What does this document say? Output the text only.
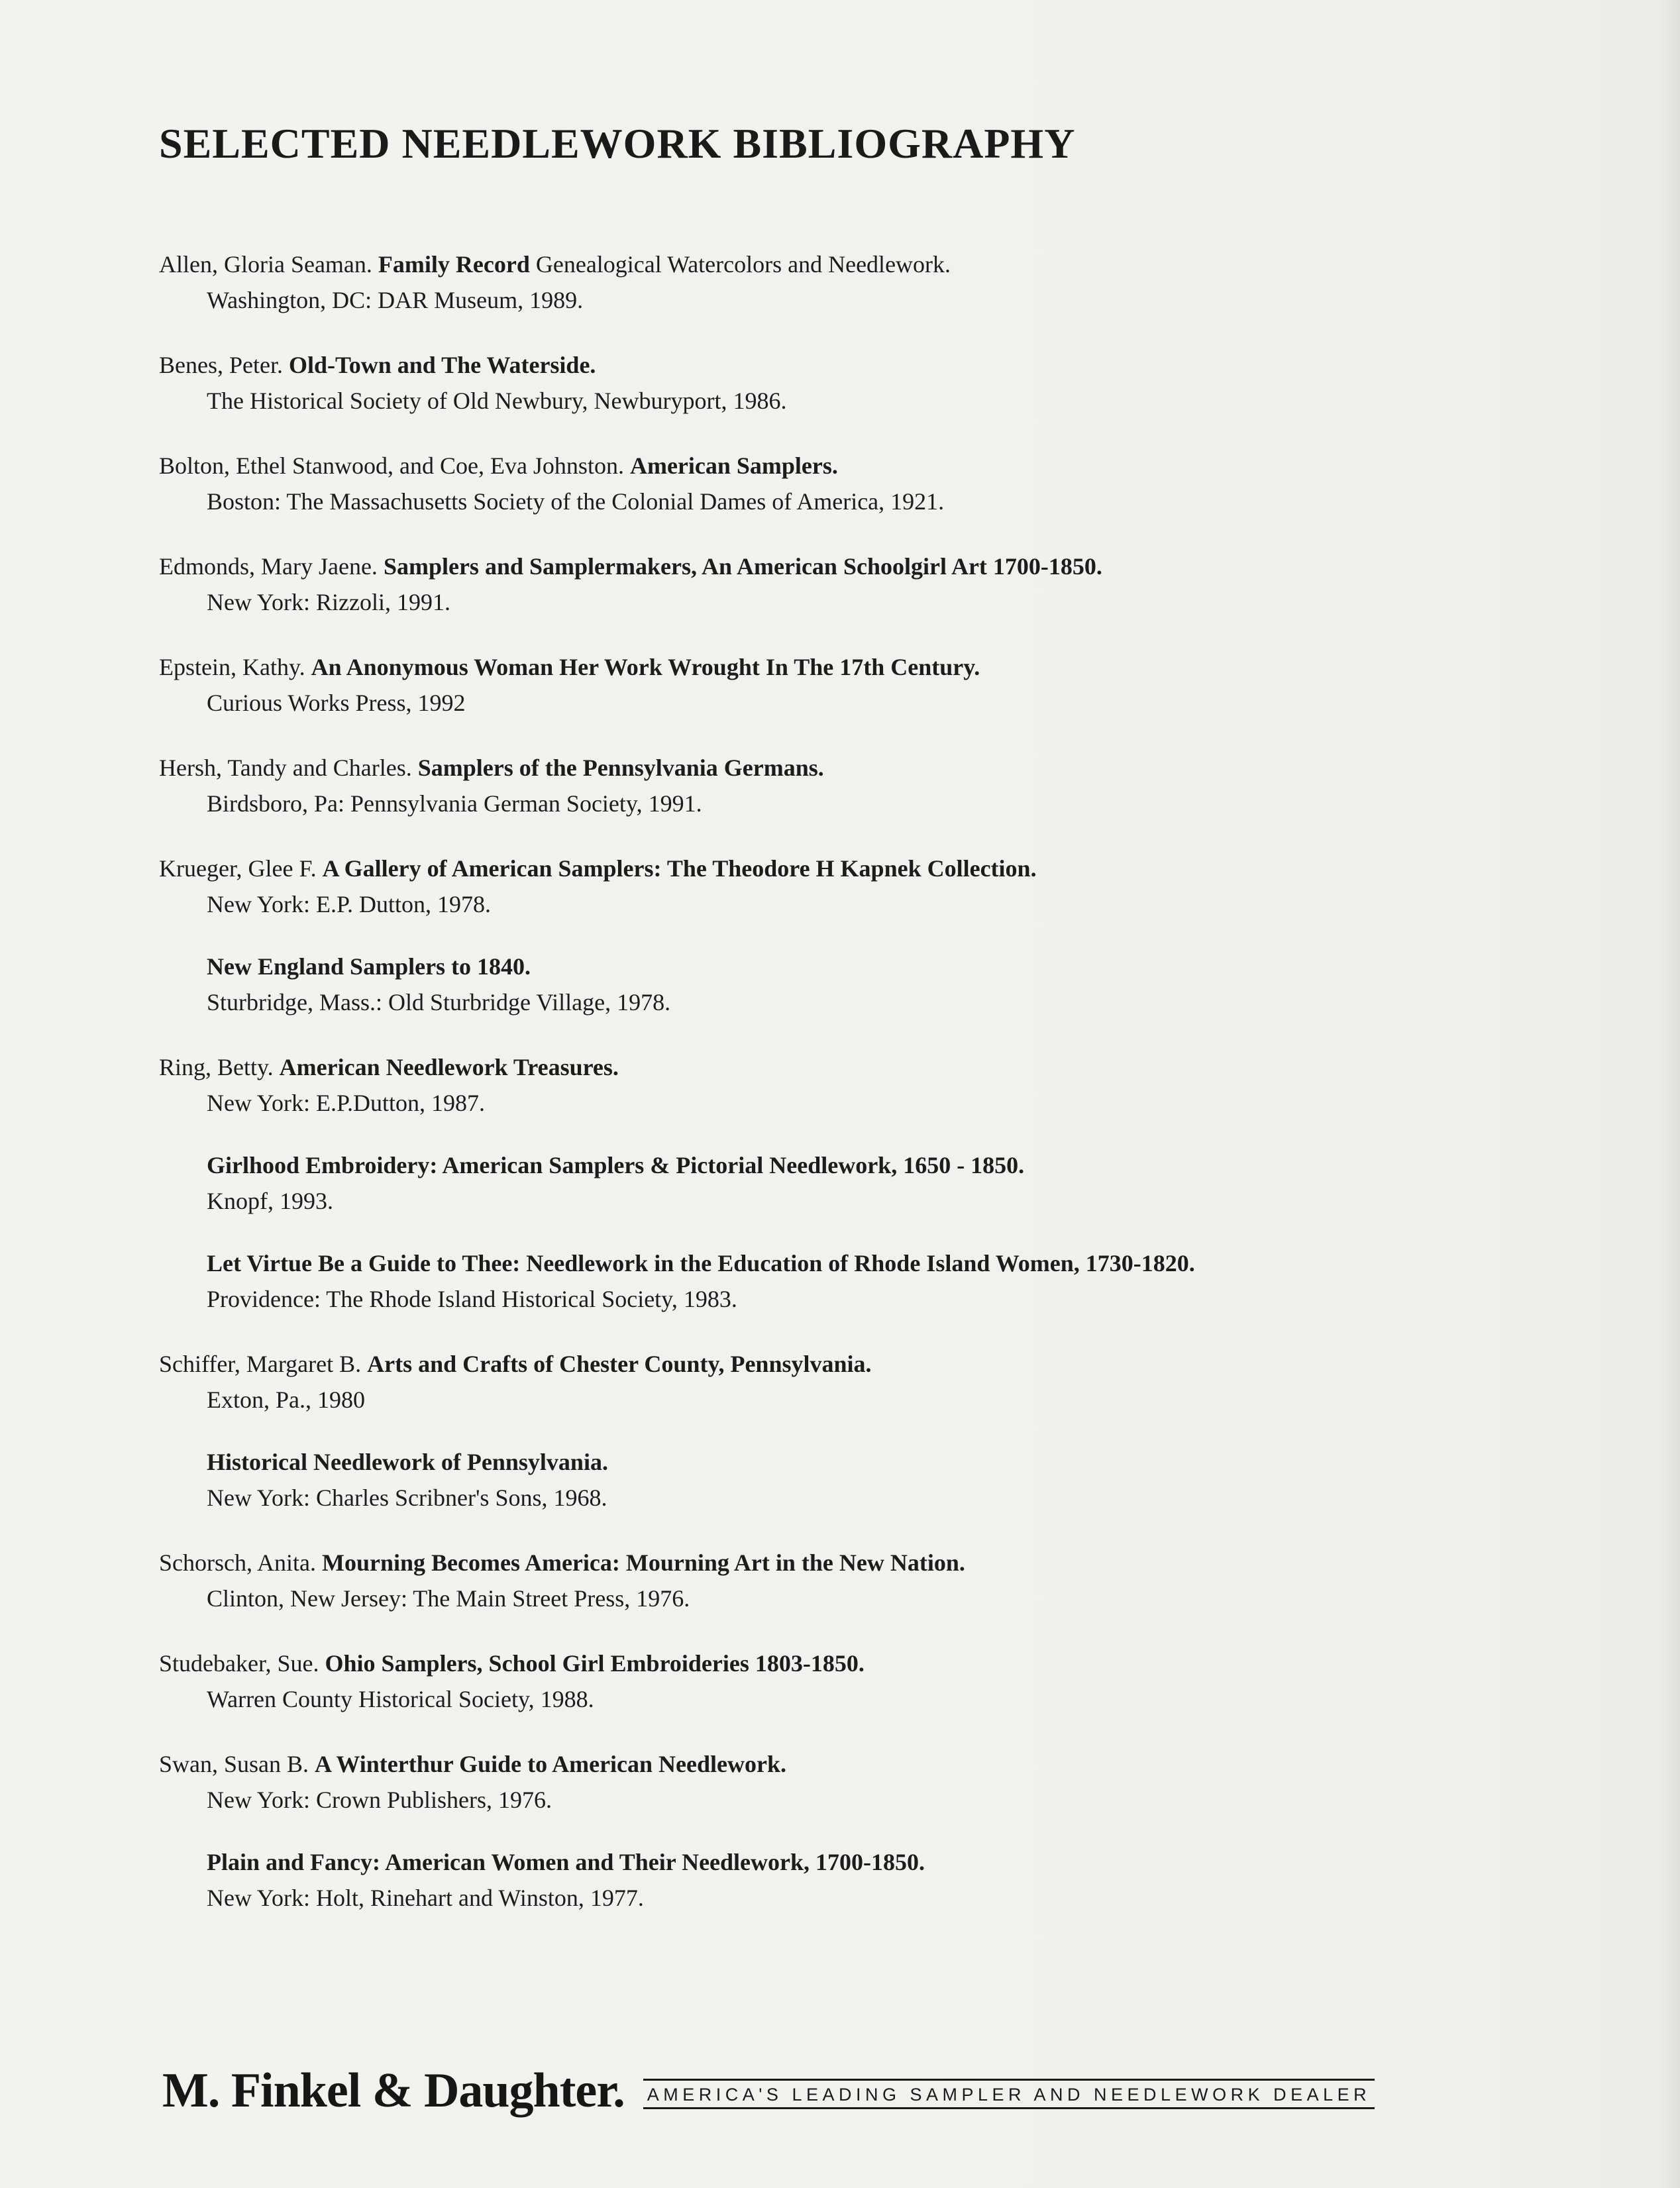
SELECTED NEEDLEWORK BIBLIOGRAPHY
Allen, Gloria Seaman. Family Record Genealogical Watercolors and Needlework.
Washington, DC: DAR Museum, 1989.
Benes, Peter. Old-Town and The Waterside.
The Historical Society of Old Newbury, Newburyport, 1986.
Bolton, Ethel Stanwood, and Coe, Eva Johnston. American Samplers.
Boston: The Massachusetts Society of the Colonial Dames of America, 1921.
Edmonds, Mary Jaene. Samplers and Samplermakers, An American Schoolgirl Art 1700-1850.
New York: Rizzoli, 1991.
Epstein, Kathy. An Anonymous Woman Her Work Wrought In The 17th Century.
Curious Works Press, 1992
Hersh, Tandy and Charles. Samplers of the Pennsylvania Germans.
Birdsboro, Pa: Pennsylvania German Society, 1991.
Krueger, Glee F. A Gallery of American Samplers: The Theodore H Kapnek Collection.
New York: E.P. Dutton, 1978.
New England Samplers to 1840.
Sturbridge, Mass.: Old Sturbridge Village, 1978.
Ring, Betty. American Needlework Treasures.
New York: E.P.Dutton, 1987.
Girlhood Embroidery: American Samplers & Pictorial Needlework, 1650 - 1850.
Knopf, 1993.
Let Virtue Be a Guide to Thee: Needlework in the Education of Rhode Island Women, 1730-1820.
Providence: The Rhode Island Historical Society, 1983.
Schiffer, Margaret B. Arts and Crafts of Chester County, Pennsylvania.
Exton, Pa., 1980
Historical Needlework of Pennsylvania.
New York: Charles Scribner's Sons, 1968.
Schorsch, Anita. Mourning Becomes America: Mourning Art in the New Nation.
Clinton, New Jersey: The Main Street Press, 1976.
Studebaker, Sue. Ohio Samplers, School Girl Embroideries 1803-1850.
Warren County Historical Society, 1988.
Swan, Susan B. A Winterthur Guide to American Needlework.
New York: Crown Publishers, 1976.
Plain and Fancy: American Women and Their Needlework, 1700-1850.
New York: Holt, Rinehart and Winston, 1977.
M. Finkel & Daughter. AMERICA'S LEADING SAMPLER AND NEEDLEWORK DEALER
